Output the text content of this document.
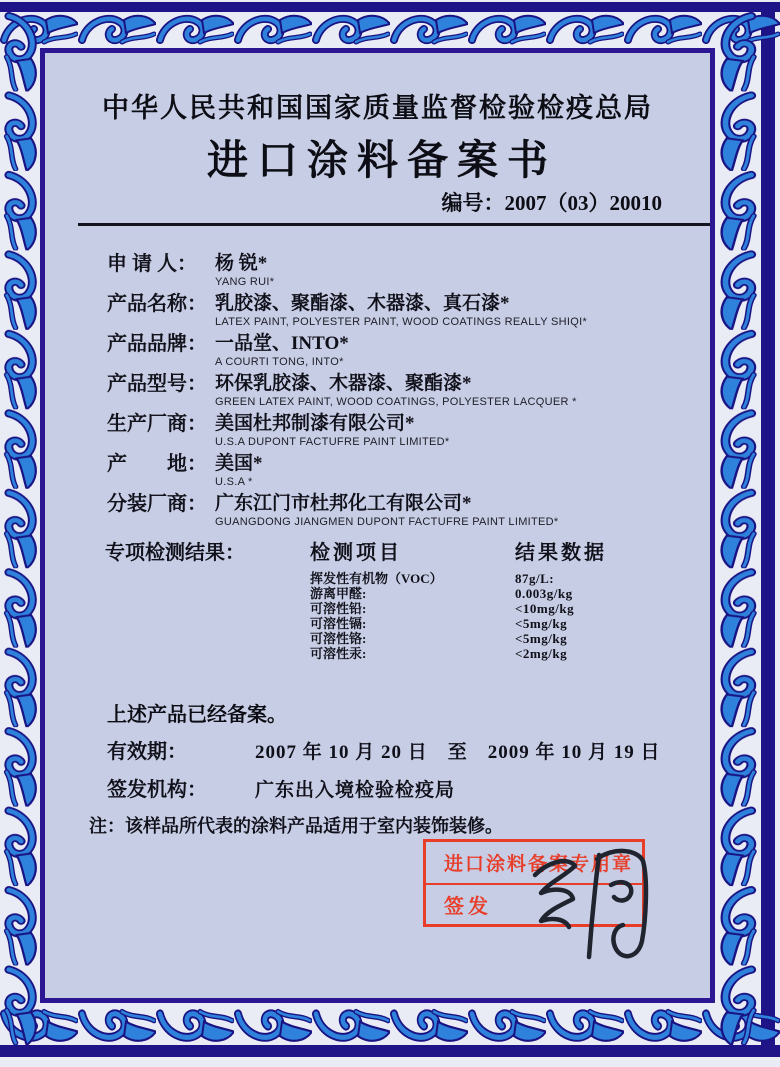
中华人民共和国国家质量监督检验检疫总局
进口涂料备案书
编号：2007（03）20010
申 请 人： 杨 锐*
YANG RUI*
产品名称： 乳胶漆、聚酯漆、木器漆、真石漆*
LATEX PAINT, POLYESTER PAINT, WOOD COATINGS REALLY SHIQI*
产品品牌： 一品堂、INTO*
A COURTI TONG, INTO*
产品型号： 环保乳胶漆、木器漆、聚酯漆*
GREEN LATEX PAINT, WOOD COATINGS, POLYESTER LACQUER *
生产厂商： 美国杜邦制漆有限公司*
U.S.A DUPONT FACTUFRE PAINT LIMITED*
产　　地： 美国*
U.S.A *
分装厂商： 广东江门市杜邦化工有限公司*
GUANGDONG JIANGMEN DUPONT FACTUFRE PAINT LIMITED*
专项检测结果：	检测项目	结果数据
挥发性有机物（VOC）	87g/L:
游离甲醛:	0.003g/kg
可溶性铅:	<10mg/kg
可溶性镉:	<5mg/kg
可溶性铬:	<5mg/kg
可溶性汞:	<2mg/kg
上述产品已经备案。
有效期：	2007 年 10 月 20 日　至　2009 年 10 月 19 日
签发机构：	广东出入境检验检疫局
注：该样品所代表的涂料产品适用于室内装饰装修。
进口涂料备案专用章
签发
